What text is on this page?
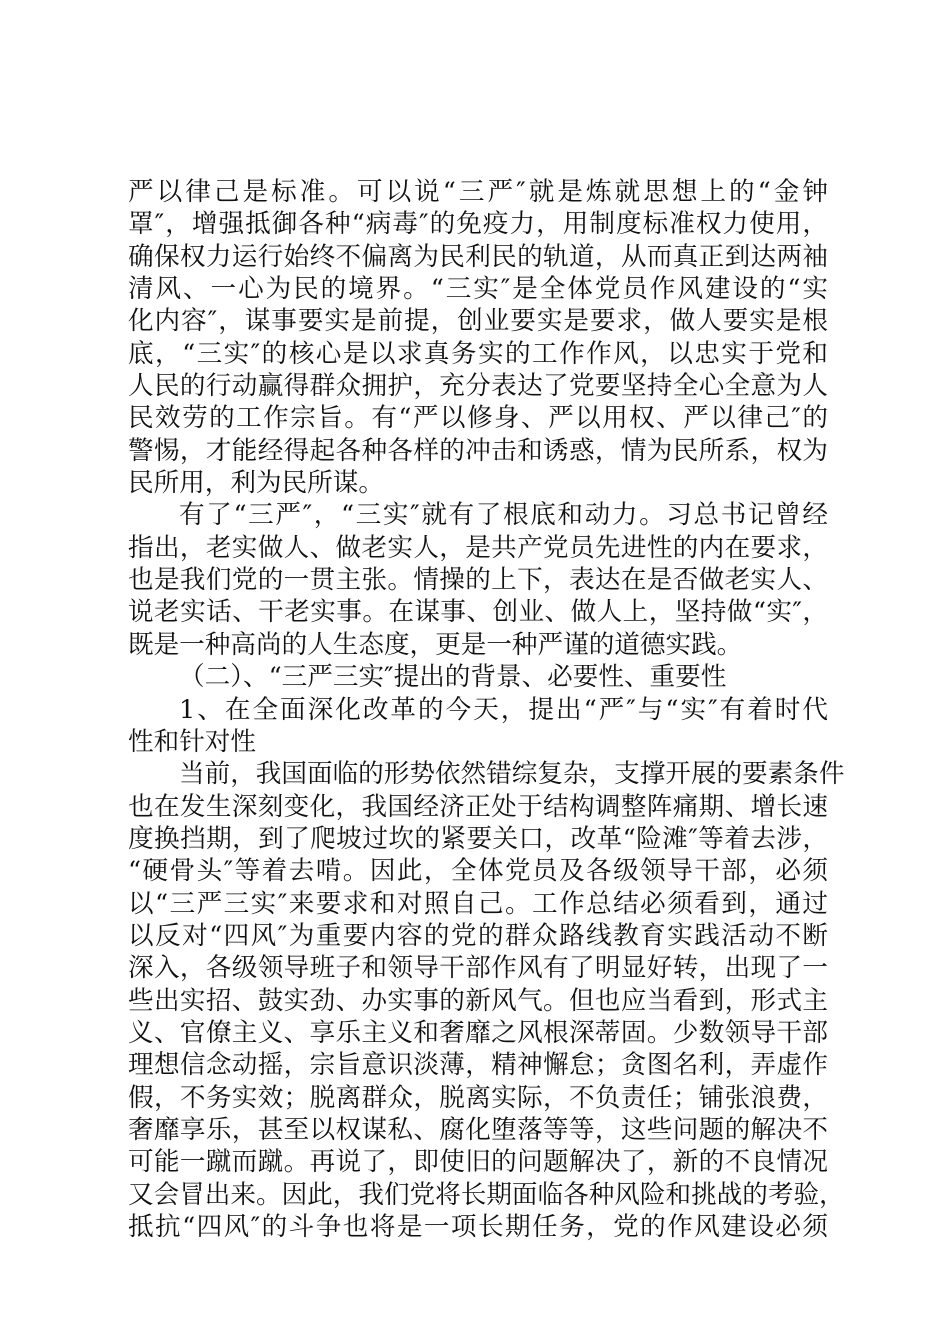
严以律己是标准。可以说“三严″就是炼就思想上的“金钟
罩″，增强抵御各种“病毒″的免疫力，用制度标准权力使用，
确保权力运行始终不偏离为民利民的轨道，从而真正到达两袖
清风、一心为民的境界。“三实″是全体党员作风建设的“实
化内容″，谋事要实是前提，创业要实是要求，做人要实是根
底，“三实″的核心是以求真务实的工作作风，以忠实于党和
人民的行动赢得群众拥护，充分表达了党要坚持全心全意为人
民效劳的工作宗旨。有“严以修身、严以用权、严以律己″的
警惕，才能经得起各种各样的冲击和诱惑，情为民所系，权为
民所用，利为民所谋。
有了“三严″，“三实″就有了根底和动力。习总书记曾经
指出，老实做人、做老实人，是共产党员先进性的内在要求，
也是我们党的一贯主张。情操的上下，表达在是否做老实人、
说老实话、干老实事。在谋事、创业、做人上，坚持做“实″，
既是一种高尚的人生态度，更是一种严谨的道德实践。
（二）、“三严三实″提出的背景、必要性、重要性
1、在全面深化改革的今天，提出“严″与“实″有着时代
性和针对性
当前，我国面临的形势依然错综复杂，支撑开展的要素条件
也在发生深刻变化，我国经济正处于结构调整阵痛期、增长速
度换挡期，到了爬坡过坎的紧要关口，改革“险滩″等着去涉，
“硬骨头″等着去啃。因此，全体党员及各级领导干部，必须
以“三严三实″来要求和对照自己。工作总结必须看到，通过
以反对“四风″为重要内容的党的群众路线教育实践活动不断
深入，各级领导班子和领导干部作风有了明显好转，出现了一
些出实招、鼓实劲、办实事的新风气。但也应当看到，形式主
义、官僚主义、享乐主义和奢靡之风根深蒂固。少数领导干部
理想信念动摇，宗旨意识淡薄，精神懈怠；贪图名利，弄虚作
假，不务实效；脱离群众，脱离实际，不负责任；铺张浪费，
奢靡享乐，甚至以权谋私、腐化堕落等等，这些问题的解决不
可能一蹴而蹴。再说了，即使旧的问题解决了，新的不良情况
又会冒出来。因此，我们党将长期面临各种风险和挑战的考验，
抵抗“四风″的斗争也将是一项长期任务，党的作风建设必须
